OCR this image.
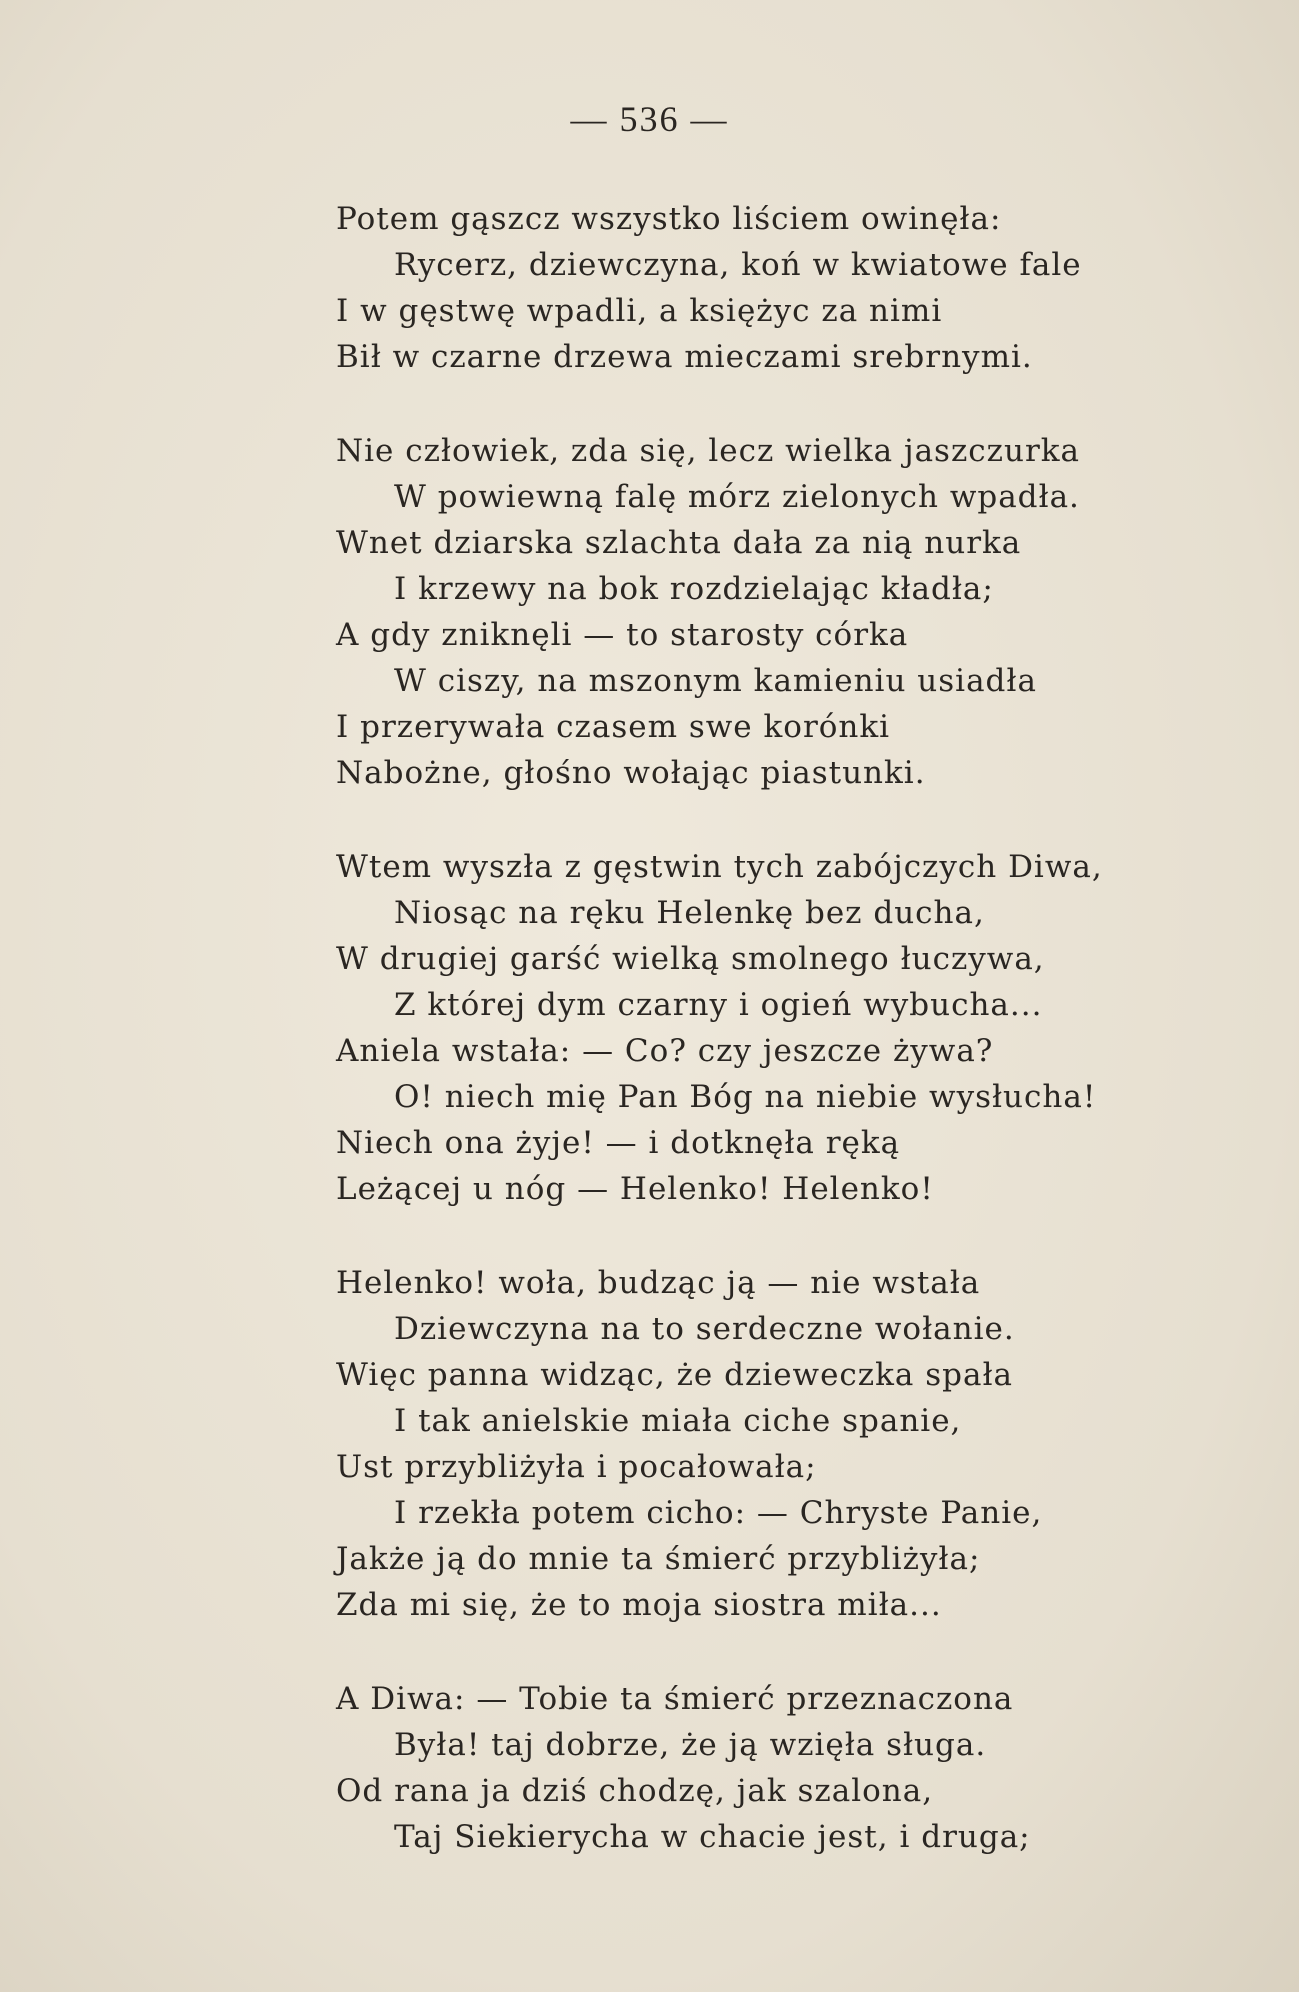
— 536 —
Potem gąszcz wszystko liściem owinęła:
Rycerz, dziewczyna, koń w kwiatowe fale
I w gęstwę wpadli, a księżyc za nimi
Bił w czarne drzewa mieczami srebrnymi.
Nie człowiek, zda się, lecz wielka jaszczurka
W powiewną falę mórz zielonych wpadła.
Wnet dziarska szlachta dała za nią nurka
I krzewy na bok rozdzielając kładła;
A gdy zniknęli — to starosty córka
W ciszy, na mszonym kamieniu usiadła
I przerywała czasem swe korónki
Nabożne, głośno wołając piastunki.
Wtem wyszła z gęstwin tych zabójczych Diwa,
Niosąc na ręku Helenkę bez ducha,
W drugiej garść wielką smolnego łuczywa,
Z której dym czarny i ogień wybucha...
Aniela wstała: — Co? czy jeszcze żywa?
O! niech mię Pan Bóg na niebie wysłucha!
Niech ona żyje! — i dotknęła ręką
Leżącej u nóg — Helenko! Helenko!
Helenko! woła, budząc ją — nie wstała
Dziewczyna na to serdeczne wołanie.
Więc panna widząc, że dzieweczka spała
I tak anielskie miała ciche spanie,
Ust przybliżyła i pocałowała;
I rzekła potem cicho: — Chryste Panie,
Jakże ją do mnie ta śmierć przybliżyła;
Zda mi się, że to moja siostra miła...
A Diwa: — Tobie ta śmierć przeznaczona
Była! taj dobrze, że ją wzięła sługa.
Od rana ja dziś chodzę, jak szalona,
Taj Siekierycha w chacie jest, i druga;
